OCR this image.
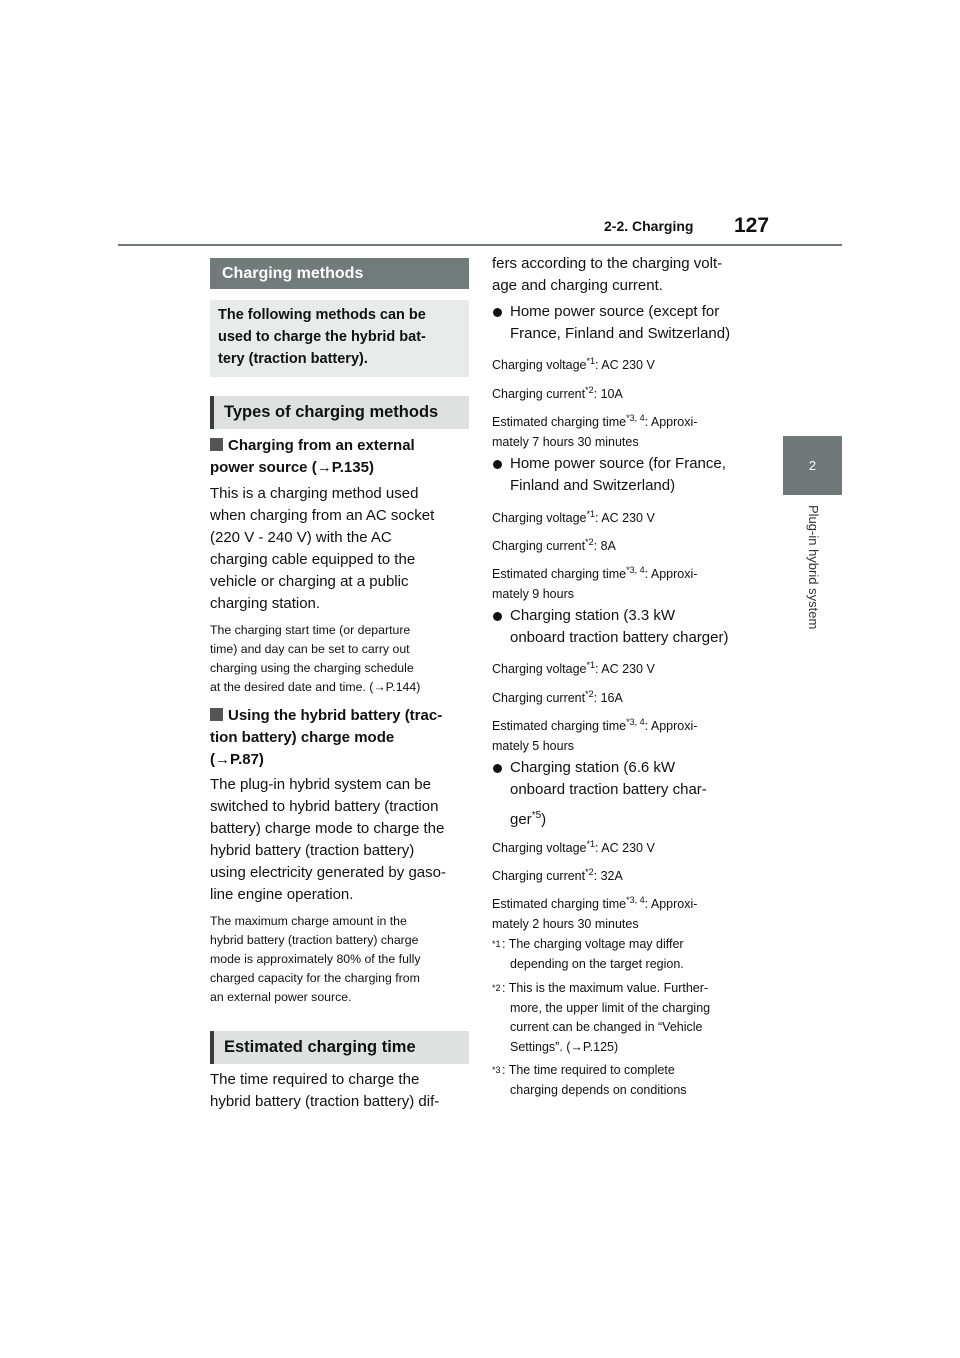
2-2. Charging 127
2
Plug-in hybrid system
Charging methods
The following methods can be
used to charge the hybrid bat-
tery (traction battery).
Types of charging methods
Charging from an external
power source (→P.135)
This is a charging method used
when charging from an AC socket
(220 V - 240 V) with the AC
charging cable equipped to the
vehicle or charging at a public
charging station.
The charging start time (or departure
time) and day can be set to carry out
charging using the charging schedule
at the desired date and time. (→P.144)
Using the hybrid battery (trac-
tion battery) charge mode
(→P.87)
The plug-in hybrid system can be
switched to hybrid battery (traction
battery) charge mode to charge the
hybrid battery (traction battery)
using electricity generated by gaso-
line engine operation.
The maximum charge amount in the
hybrid battery (traction battery) charge
mode is approximately 80% of the fully
charged capacity for the charging from
an external power source.
Estimated charging time
The time required to charge the
hybrid battery (traction battery) dif-
fers according to the charging volt-
age and charging current.
Home power source (except for
France, Finland and Switzerland)
Charging voltage$^{*1}$: AC 230 V
Charging current$^{*2}$: 10A
Estimated charging time$^{*3, 4}$: Approxi-
mately 7 hours 30 minutes
Home power source (for France,
Finland and Switzerland)
Charging voltage$^{*1}$: AC 230 V
Charging current$^{*2}$: 8A
Estimated charging time$^{*3, 4}$: Approxi-
mately 9 hours
Charging station (3.3 kW
onboard traction battery charger)
Charging voltage$^{*1}$: AC 230 V
Charging current$^{*2}$: 16A
Estimated charging time$^{*3, 4}$: Approxi-
mately 5 hours
Charging station (6.6 kW
onboard traction battery char-
ger$^{*5}$)
Charging voltage$^{*1}$: AC 230 V
Charging current$^{*2}$: 32A
Estimated charging time$^{*3, 4}$: Approxi-
mately 2 hours 30 minutes
$^{*1}$ : The charging voltage may differ
depending on the target region.
$^{*2}$ : This is the maximum value. Further-
more, the upper limit of the charging
current can be changed in “Vehicle
Settings”. (→P.125)
$^{*3}$ : The time required to complete
charging depends on conditions
